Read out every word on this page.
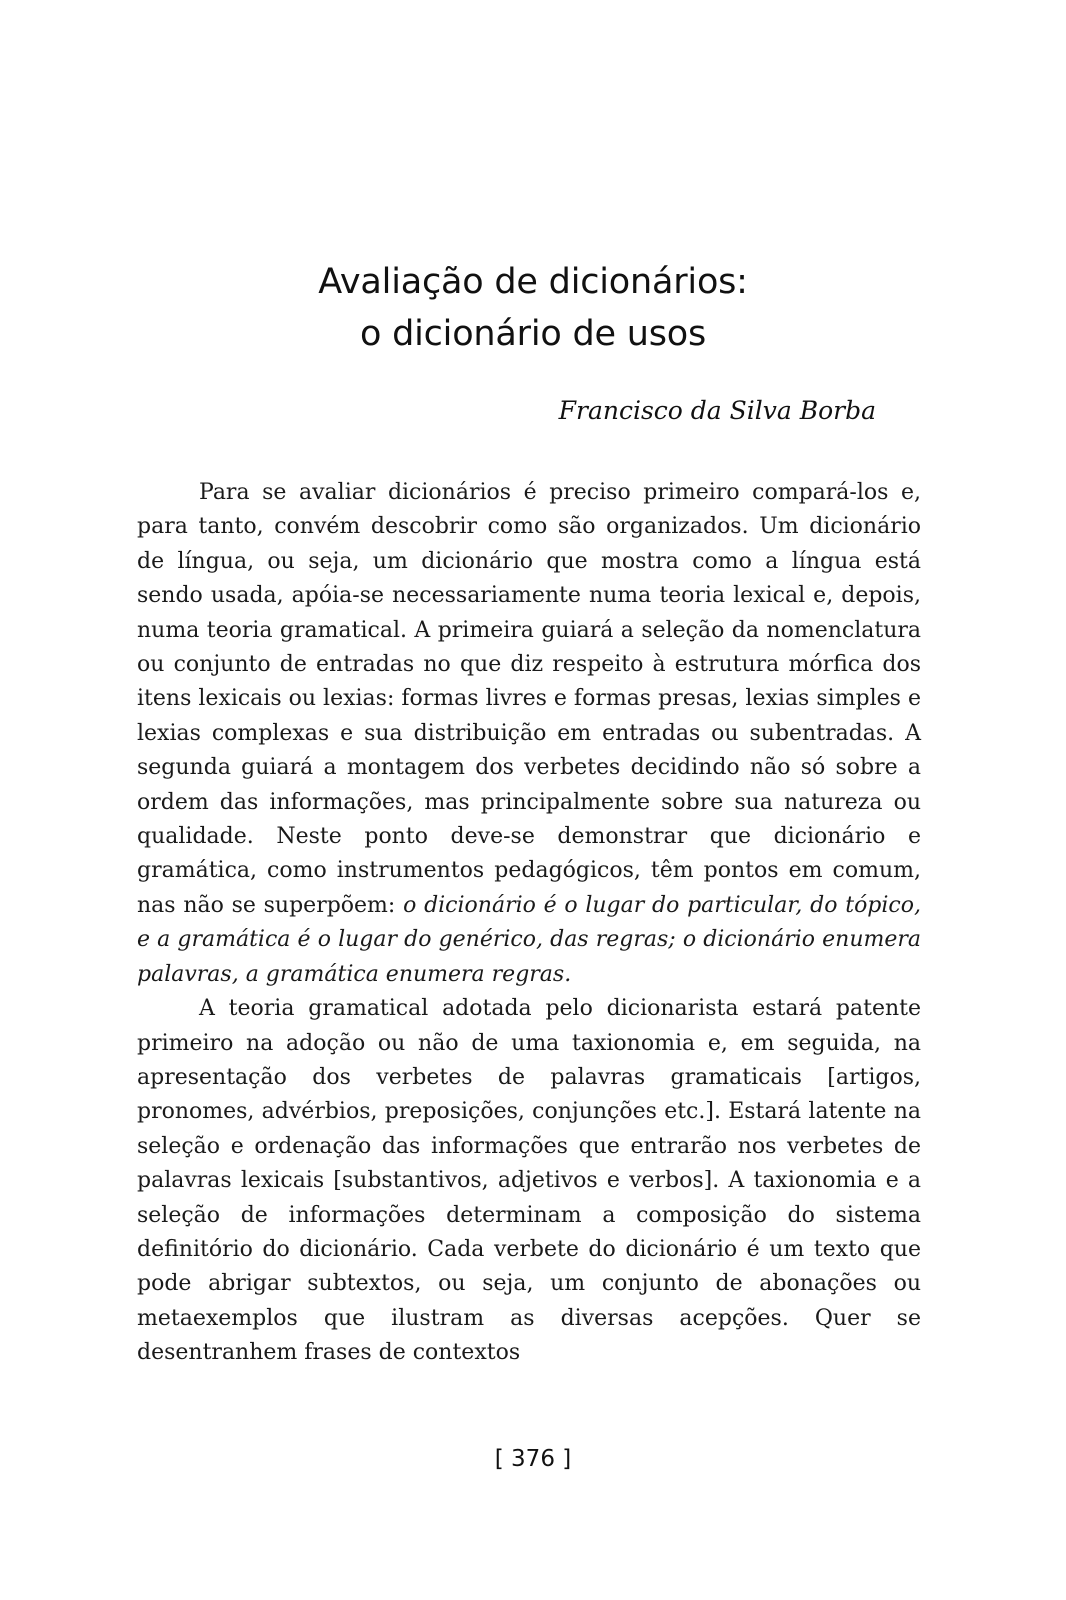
Avaliação de dicionários:
o dicionário de usos
Francisco da Silva Borba

Para se avaliar dicionários é preciso primeiro compará-los e, para tanto, convém descobrir como são organizados. Um dicionário de língua, ou seja, um dicionário que mostra como a língua está sendo usada, apóia-se necessariamente numa teoria lexical e, depois, numa teoria gramatical. A primeira guiará a seleção da nomenclatura ou conjunto de entradas no que diz respeito à estrutura mórfica dos itens lexicais ou lexias: formas livres e formas presas, lexias simples e lexias complexas e sua distribuição em entradas ou subentradas. A segunda guiará a montagem dos verbetes decidindo não só sobre a ordem das informações, mas principalmente sobre sua natureza ou qualidade. Neste ponto deve-se demonstrar que dicionário e gramática, como instrumentos pedagógicos, têm pontos em comum, nas não se superpõem: o dicionário é o lugar do particular, do tópico, e a gramática é o lugar do genérico, das regras; o dicionário enumera palavras, a gramática enumera regras.

A teoria gramatical adotada pelo dicionarista estará patente primeiro na adoção ou não de uma taxionomia e, em seguida, na apresentação dos verbetes de palavras gramaticais [artigos, pronomes, advérbios, preposições, conjunções etc.]. Estará latente na seleção e ordenação das informações que entrarão nos verbetes de palavras lexicais [substantivos, adjetivos e verbos]. A taxionomia e a seleção de informações determinam a composição do sistema definitório do dicionário. Cada verbete do dicionário é um texto que pode abrigar subtextos, ou seja, um conjunto de abonações ou metaexemplos que ilustram as diversas acepções. Quer se desentranhem frases de contextos

[ 376 ]
